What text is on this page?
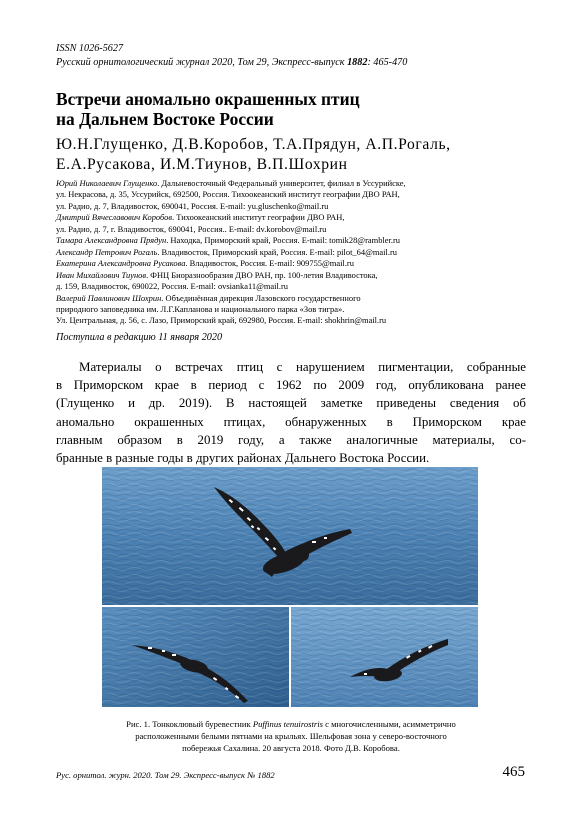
ISSN 1026-5627
Русский орнитологический журнал 2020, Том 29, Экспресс-выпуск 1882: 465-470
Встречи аномально окрашенных птиц
на Дальнем Востоке России
Ю.Н.Глущенко, Д.В.Коробов, Т.А.Прядун, А.П.Рогаль,
Е.А.Русакова, И.М.Тиунов, В.П.Шохрин
Юрий Николаевич Глущенко. Дальневосточный Федеральный университет, филиал в Уссурийске,
ул. Некрасова, д. 35, Уссурийск, 692500, Россия. Тихоокеанский институт географии ДВО РАН,
ул. Радио, д. 7, Владивосток, 690041, Россия. E-mail: yu.gluschenko@mail.ru
Дмитрий Вячеславович Коробов. Тихоокеанский институт географии ДВО РАН,
ул. Радио, д. 7, г. Владивосток, 690041, Россия.. E-mail: dv.korobov@mail.ru
Тамара Александровна Прядун. Находка, Приморский край, Россия. E-mail: tomik28@rambler.ru
Александр Петрович Рогаль. Владивосток, Приморский край, Россия. E-mail: pilot_64@mail.ru
Екатерина Александровна Русакова. Владивосток, Россия. E-mail: 909755@mail.ru
Иван Михайлович Тиунов. ФНЦ Биоразнообразия ДВО РАН, пр. 100-летия Владивостока,
д. 159, Владивосток, 690022, Россия. E-mail: ovsianka11@mail.ru
Валерий Павлинович Шохрин. Объединённая дирекция Лазовского государственного
природного заповедника им. Л.Г.Капланова и национального парка «Зов тигра».
Ул. Центральная, д. 56, с. Лазо, Приморский край, 692980, Россия. E-mail: shokhrin@mail.ru
Поступила в редакцию 11 января 2020
Материалы о встречах птиц с нарушением пигментации, собранные
в Приморском крае в период с 1962 по 2009 год, опубликована ранее
(Глущенко и др. 2019). В настоящей заметке приведены сведения об
аномально окрашенных птицах, обнаруженных в Приморском крае
главным образом в 2019 году, а также аналогичные материалы, со-
бранные в разные годы в других районах Дальнего Востока России.
Рис. 1. Тонкоклювый буревестник Puffinus tenuirostris с многочисленными, асимметрично
расположенными белыми пятнами на крыльях. Шельфовая зона у северо-восточного
побережья Сахалина. 20 августа 2018. Фото Д.В. Коробова.
Рус. орнитол. журн. 2020. Том 29. Экспресс-выпуск № 1882	465
